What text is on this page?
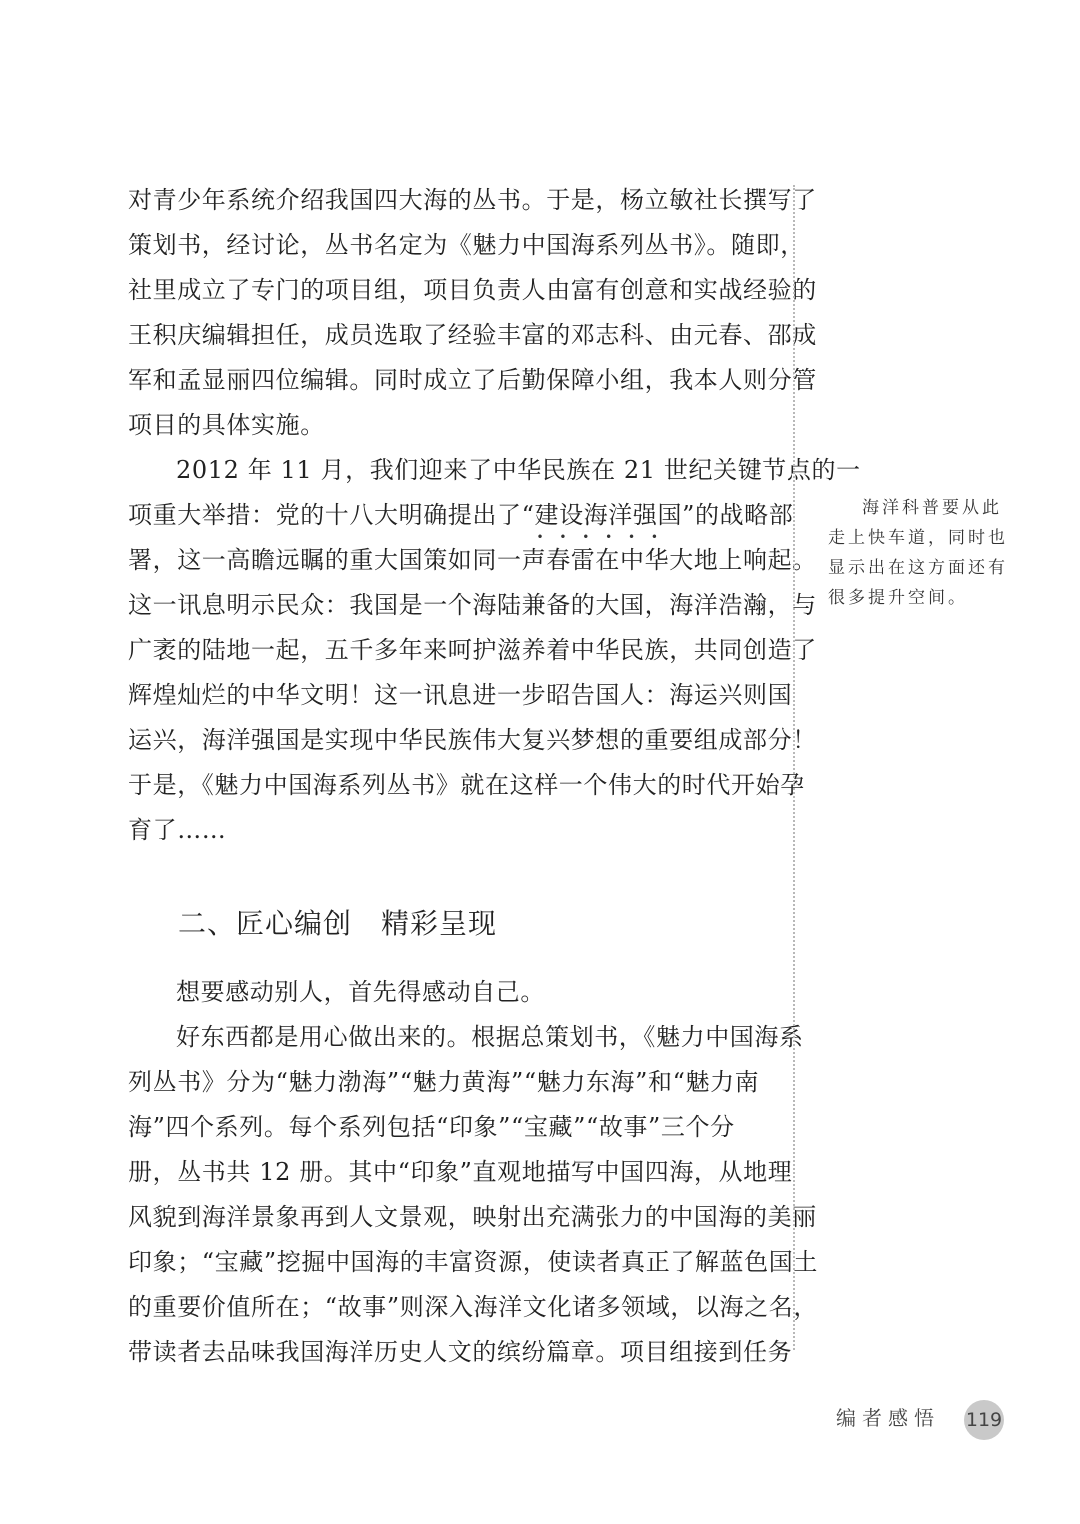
对青少年系统介绍我国四大海的丛书。于是，杨立敏社长撰写了
策划书，经讨论，丛书名定为《魅力中国海系列丛书》。随即，
社里成立了专门的项目组，项目负责人由富有创意和实战经验的
王积庆编辑担任，成员选取了经验丰富的邓志科、由元春、邵成
军和孟显丽四位编辑。同时成立了后勤保障小组，我本人则分管
项目的具体实施。
2012 年 11 月，我们迎来了中华民族在 21 世纪关键节点的一
项重大举措：党的十八大明确提出了“建设海洋强国 • • •”的战略部
署，这一高瞻远瞩的重大国策如同一声春雷在中华大地上响起。
这一讯息明示民众：我国是一个海陆兼备的大国，海洋浩瀚，与
广袤的陆地一起，五千多年来呵护滋养着中华民族，共同创造了
辉煌灿烂的中华文明！这一讯息进一步昭告国人：海运兴则国
运兴，海洋强国是实现中华民族伟大复兴梦想的重要组成部分！
于是，《魅力中国海系列丛书》就在这样一个伟大的时代开始孕
育了……
二、匠心编创　精彩呈现
想要感动别人，首先得感动自己。
好东西都是用心做出来的。根据总策划书，《魅力中国海系
列丛书》分为“魅力渤海”“魅力黄海”“魅力东海”和“魅力南
海”四个系列。每个系列包括“印象”“宝藏”“故事”三个分
册，丛书共 12 册。其中“印象”直观地描写中国四海，从地理
风貌到海洋景象再到人文景观，映射出充满张力的中国海的美丽
印象；“宝藏”挖掘中国海的丰富资源，使读者真正了解蓝色国土
的重要价值所在；“故事”则深入海洋文化诸多领域，以海之名，
带读者去品味我国海洋历史人文的缤纷篇章。项目组接到任务
海洋科普要从此
走上快车道，同时也
显示出在这方面还有
很多提升空间。
编者感悟 119
